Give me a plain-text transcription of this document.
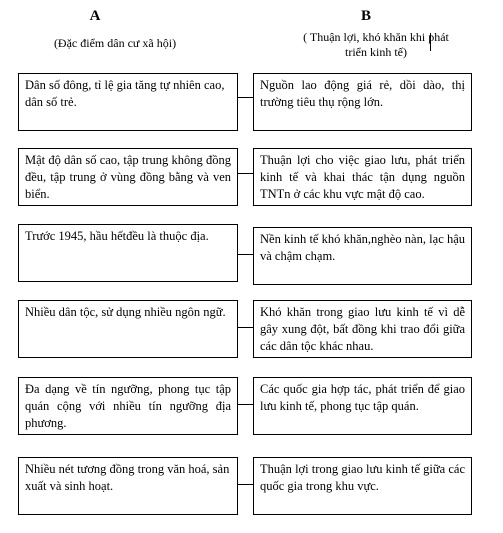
A
(Đặc điểm dân cư xã hội)
B
( Thuận lợi, khó khăn khi phát
triển kinh tế)
Dân số đông, tỉ lệ gia tăng tự nhiên cao, dân số trẻ.
Nguồn lao động giá rẻ, dồi dào, thị trường tiêu thụ rộng lớn.
Mật độ dân số cao, tập trung không đồng đều, tập trung ở vùng đồng bằng và ven biển.
Thuận lợi cho việc giao lưu, phát triển kinh tế và khai thác tận dụng nguồn TNTn ở các khu vực mật độ cao.
Trước 1945, hầu hếtđều là thuộc địa.	Nền kinh tế khó khăn,nghèo nàn, lạc hậu và chậm chạm.
Nhiều dân tộc, sử dụng nhiều ngôn ngữ.	Khó khăn trong giao lưu kinh tế vì dễ gây xung đột, bất đồng khi trao đổi giữa các dân tộc khác nhau.
Đa dạng về tín ngưỡng, phong tục tập quán cộng với nhiều tín ngưỡng địa phương.
Các quốc gia hợp tác, phát triển để giao lưu kinh tế, phong tục tập quán.
Nhiều nét tương đồng trong văn hoá, sản xuất và sinh hoạt.
Thuận lợi trong giao lưu kinh tế giữa các quốc gia trong khu vực.
